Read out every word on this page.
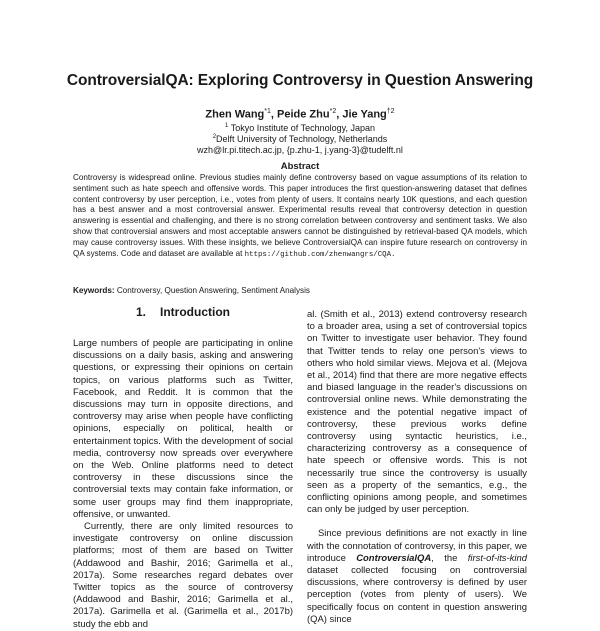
ControversialQA: Exploring Controversy in Question Answering
Zhen Wang$^{*1}$, Peide Zhu$^{*2}$, Jie Yang$^{\dagger 2}$
$^1$ Tokyo Institute of Technology, Japan
$^2$Delft University of Technology, Netherlands
wzh@lr.pi.titech.ac.jp, {p.zhu-1, j.yang-3}@tudelft.nl
Abstract
Controversy is widespread online. Previous studies mainly define controversy based on vague assumptions of its relation to sentiment such as hate speech and offensive words. This paper introduces the first question-answering dataset that defines content controversy by user perception, i.e., votes from plenty of users. It contains nearly 10K questions, and each question has a best answer and a most controversial answer. Experimental results reveal that controversy detection in question answering is essential and challenging, and there is no strong correlation between controversy and sentiment tasks. We also show that controversial answers and most acceptable answers cannot be distinguished by retrieval-based QA models, which may cause controversy issues. With these insights, we believe ControversialQA can inspire future research on controversy in QA systems. Code and dataset are available at https://github.com/zhenwangrs/CQA.
Keywords: Controversy, Question Answering, Sentiment Analysis
1. Introduction

Large numbers of people are participating in online discussions on a daily basis, asking and answering questions, or expressing their opinions on certain topics, on various platforms such as Twitter, Facebook, and Reddit. It is common that the discussions may turn in opposite directions, and controversy may arise when people have conflicting opinions, especially on political, health or entertainment topics. With the development of social media, controversy now spreads over everywhere on the Web. Online platforms need to detect controversy in these discussions since the controversial texts may contain fake information, or some user groups may find them inappropriate, offensive, or unwanted.

Currently, there are only limited resources to investigate controversy on online discussion platforms; most of them are based on Twitter (Addawood and Bashir, 2016; Garimella et al., 2017a). Some researches regard debates over Twitter topics as the source of controversy (Addawood and Bashir, 2016; Garimella et al., 2017a). Garimella et al. (Garimella et al., 2017b) study the ebb and

al. (Smith et al., 2013) extend controversy research to a broader area, using a set of controversial topics on Twitter to investigate user behavior. They found that Twitter tends to relay one person's views to others who hold similar views. Mejova et al. (Mejova et al., 2014) find that there are more negative effects and biased language in the reader's discussions on controversial online news. While demonstrating the existence and the potential negative impact of controversy, these previous works define controversy using syntactic heuristics, i.e., characterizing controversy as a consequence of hate speech or offensive words. This is not necessarily true since the controversy is usually seen as a property of the semantics, e.g., the conflicting opinions among people, and sometimes can only be judged by user perception.

Since previous definitions are not exactly in line with the connotation of controversy, in this paper, we introduce ControversialQA, the first-of-its-kind dataset collected focusing on controversial discussions, where controversy is defined by user perception (votes from plenty of users). We specifically focus on content in question answering (QA) since
